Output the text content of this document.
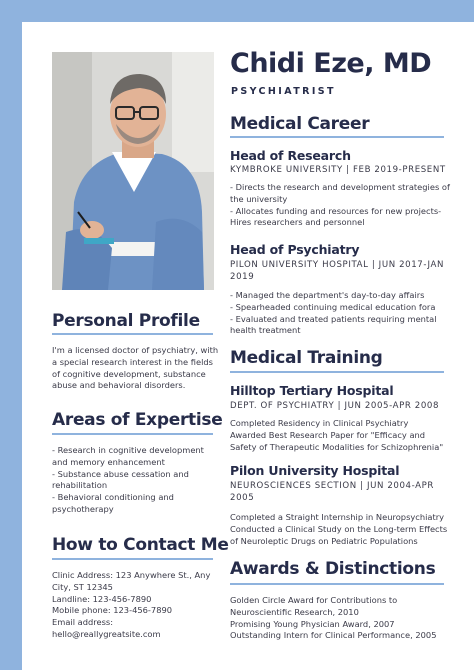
Chidi Eze, MD
PSYCHIATRIST
Medical Career
Head of Research
KYMBROKE UNIVERSITY | FEB 2019-PRESENT
- Directs the research and development strategies of
the university
- Allocates funding and resources for new projects-
Hires researchers and personnel
Head of Psychiatry
PILON UNIVERSITY HOSPITAL | JUN 2017-JAN
2019
- Managed the department's day-to-day affairs
- Spearheaded continuing medical education fora
- Evaluated and treated patients requiring mental
health treatment
Medical Training
Hilltop Tertiary Hospital
DEPT. OF PSYCHIATRY | JUN 2005-APR 2008
Completed Residency in Clinical Psychiatry
Awarded Best Research Paper for "Efficacy and
Safety of Therapeutic Modalities for Schizophrenia"
Pilon University Hospital
NEUROSCIENCES SECTION | JUN 2004-APR
2005
Completed a Straight Internship in Neuropsychiatry
Conducted a Clinical Study on the Long-term Effects
of Neuroleptic Drugs on Pediatric Populations
Awards & Distinctions
Golden Circle Award for Contributions to
Neuroscientific Research, 2010
Promising Young Physician Award, 2007
Outstanding Intern for Clinical Performance, 2005
Personal Profile
I'm a licensed doctor of psychiatry, with
a special research interest in the fields
of cognitive development, substance
abuse and behavioral disorders.
Areas of Expertise
- Research in cognitive development
and memory enhancement
- Substance abuse cessation and
rehabilitation
- Behavioral conditioning and
psychotherapy
How to Contact Me
Clinic Address: 123 Anywhere St., Any
City, ST 12345
Landline: 123-456-7890
Mobile phone: 123-456-7890
Email address:
hello@reallygreatsite.com
